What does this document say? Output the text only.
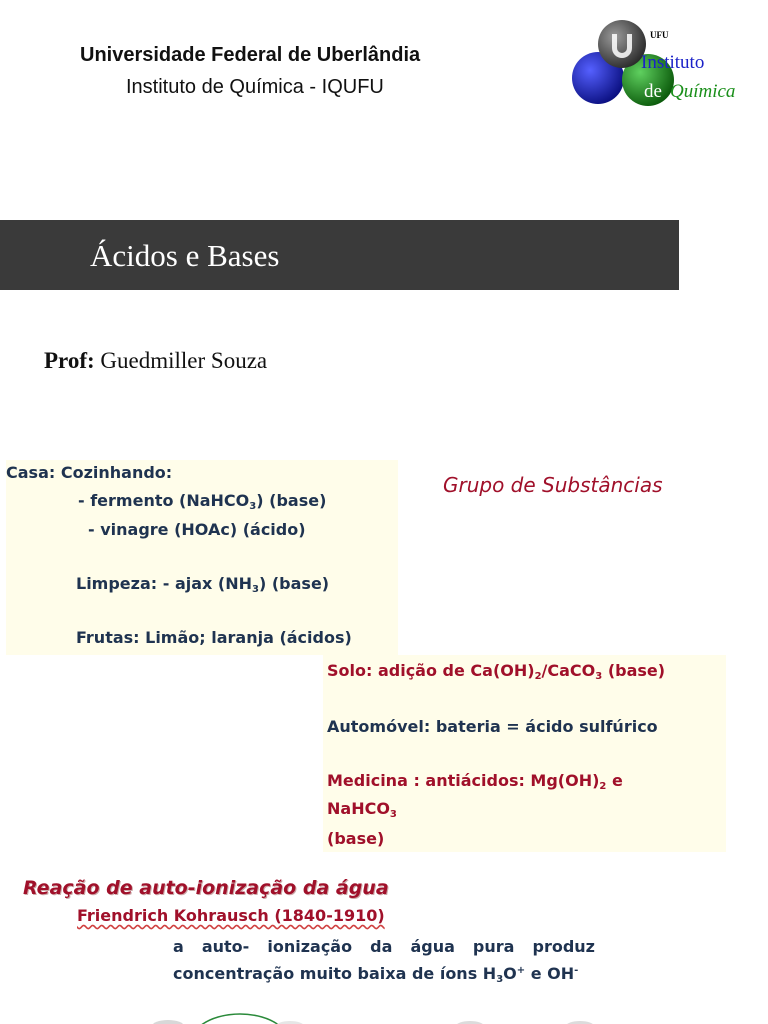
Universidade Federal de Uberlândia
Instituto de Química - IQUFU
UFU
Instituto
de Química
Ácidos e Bases
Prof: Guedmiller Souza
Casa: Cozinhando:
- fermento (NaHCO$_3$) (base)
- vinagre (HOAc) (ácido)
Limpeza: - ajax $(NH_3)$ (base)
Frutas: Limão; laranja (ácidos)
Grupo de Substâncias
Solo: adição de $Ca(OH)_2/CaCO_3$ (base)
Automóvel: bateria = ácido sulfúrico
Medicina : antiácidos: $Mg(OH)_2$ e
NaHCO$_3$
(base)
Reação de auto-ionização da água
Friendrich Kohrausch (1840-1910)
a auto- ionização da água pura produz concentração muito baixa de íons $H_3O^+$ e OH-
